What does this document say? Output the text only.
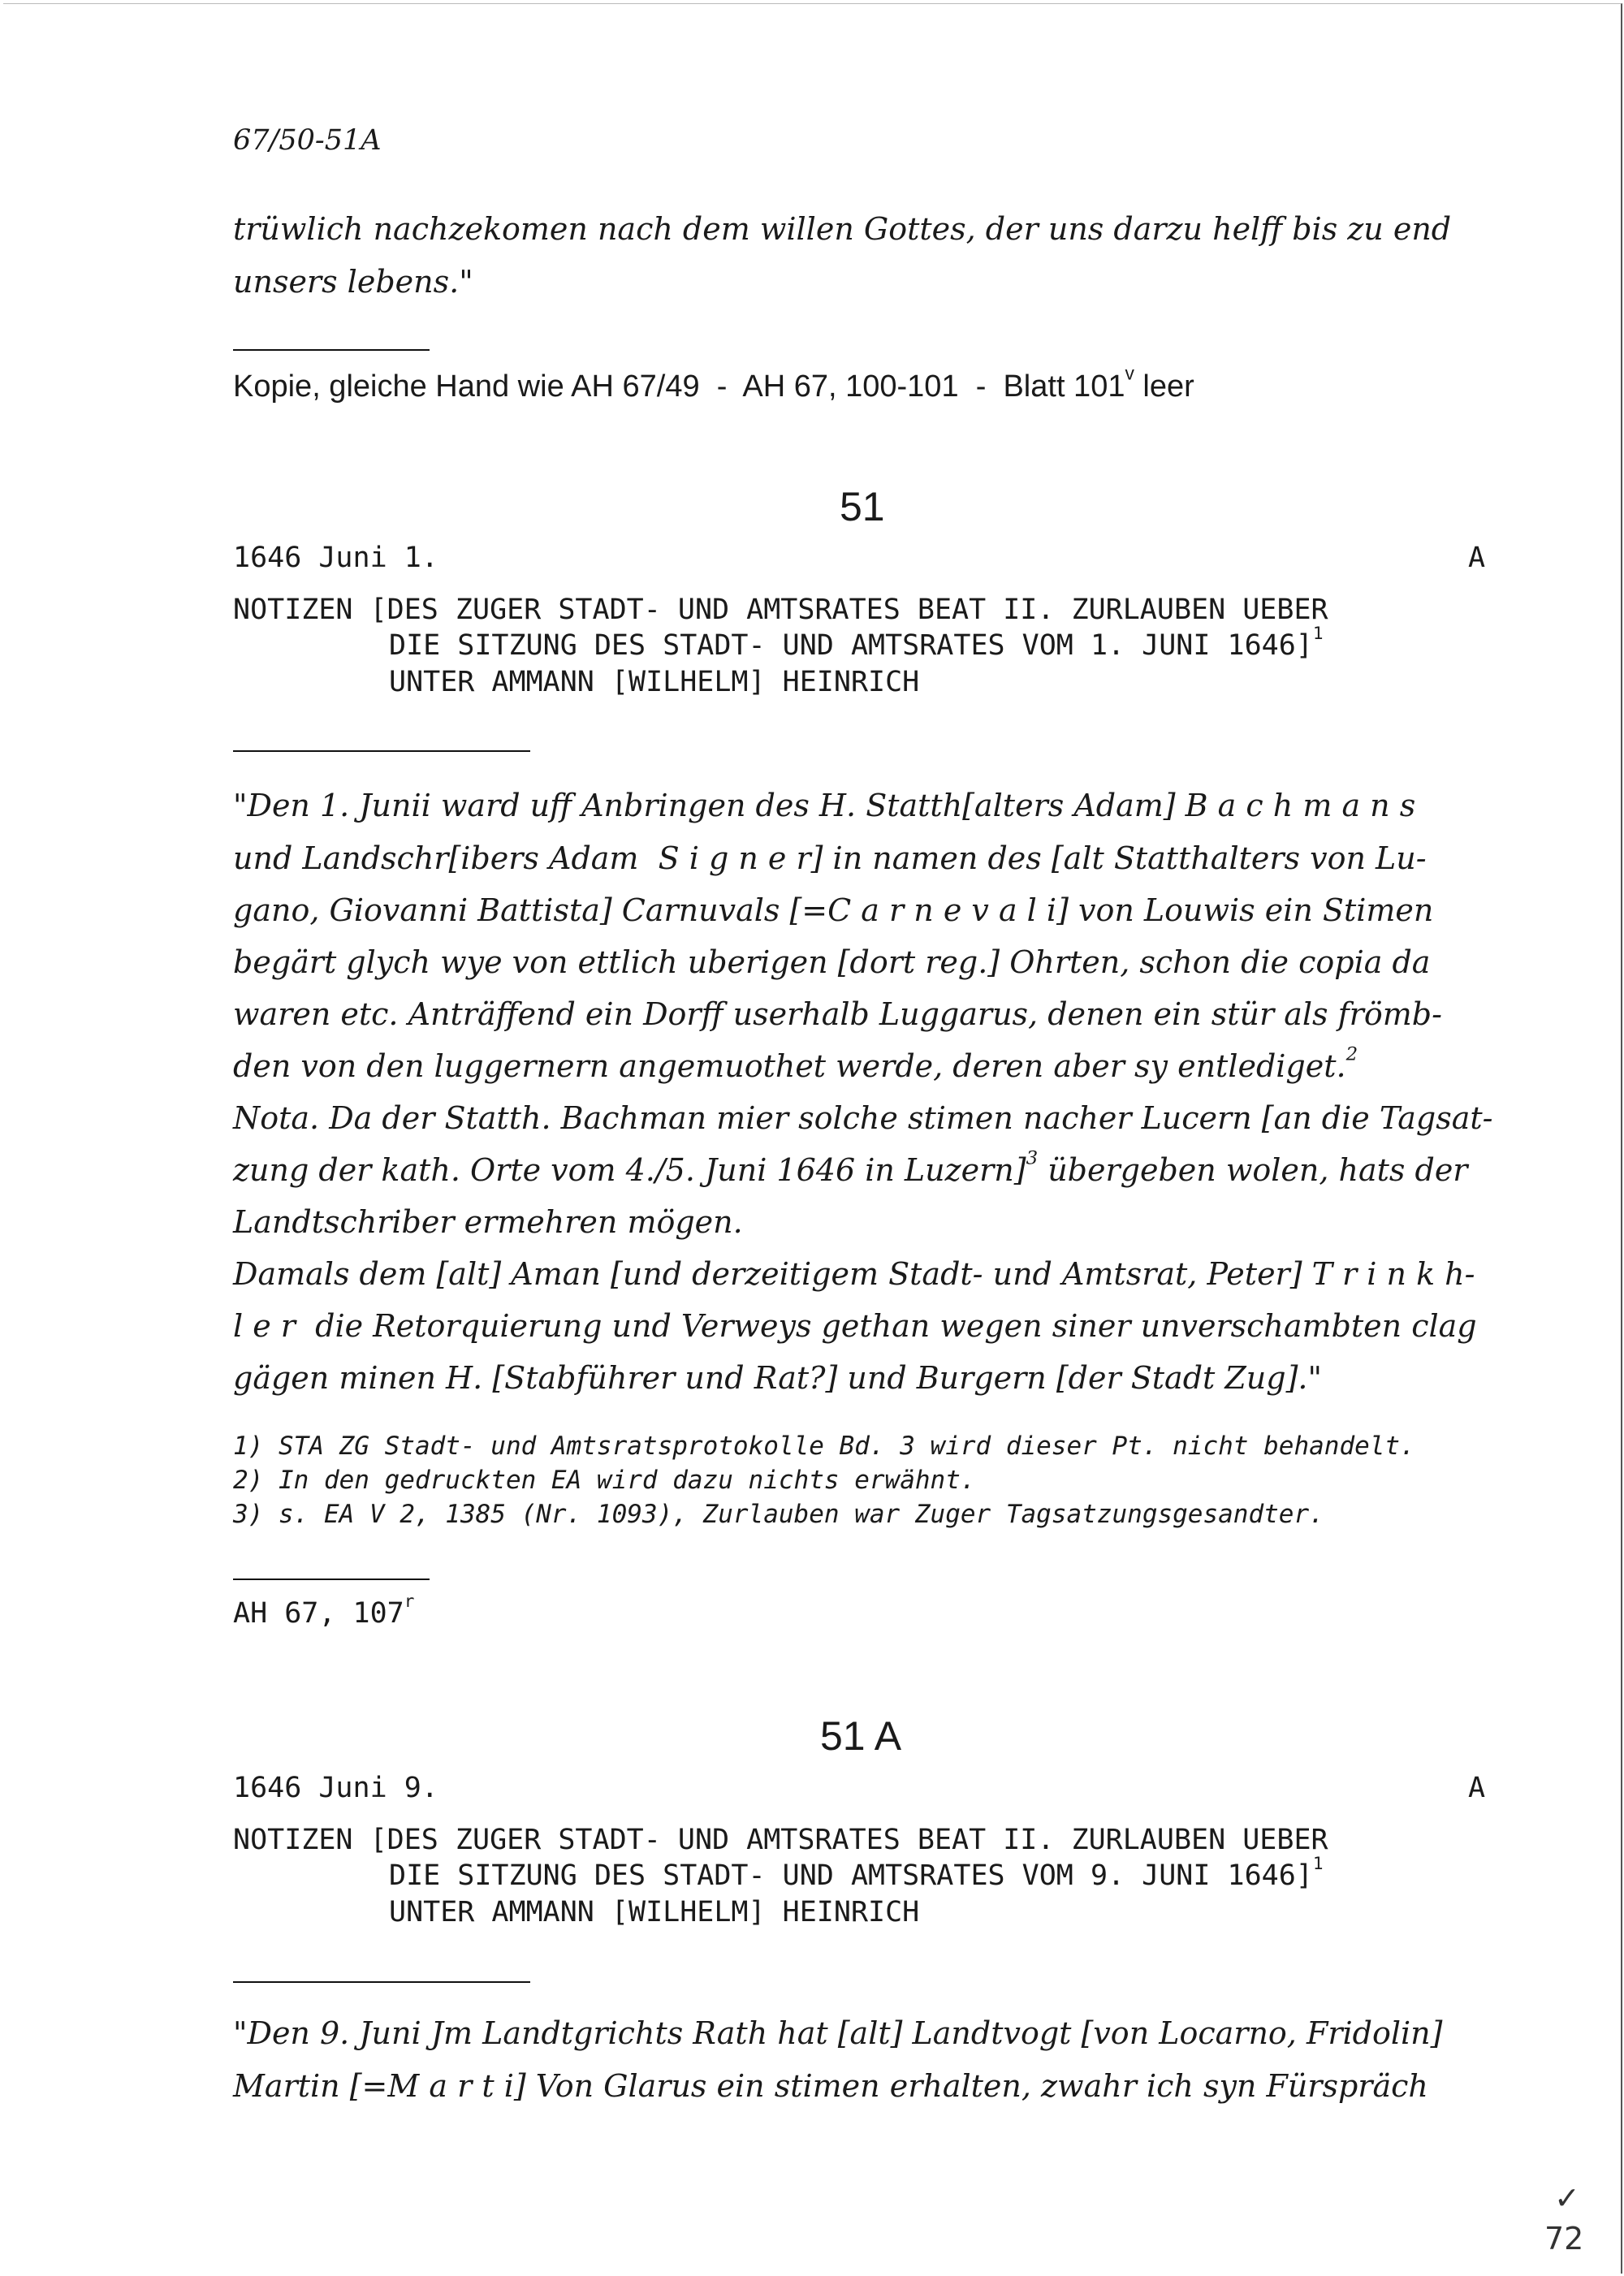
67/50-51A
trüwlich nachzekomen nach dem willen Gottes, der uns darzu helff bis zu end
unsers lebens."
Kopie, gleiche Hand wie AH 67/49  -  AH 67, 100-101  -  Blatt 101$^v$ leer
51
1646 Juni 1.	A
NOTIZEN [DES ZUGER STADT- UND AMTSRATES BEAT II. ZURLAUBEN UEBER
DIE SITZUNG DES STADT- UND AMTSRATES VOM 1. JUNI 1646]$^1$
UNTER AMMANN [WILHELM] HEINRICH
"Den 1. Junii ward uff Anbringen des H. Statth[alters Adam] B a c h m a n s
und Landschr[ibers Adam  S i g n e r] in namen des [alt Statthalters von Lu-
gano, Giovanni Battista] Carnuvals [=C a r n e v a l i] von Louwis ein Stimen
begärt glych wye von ettlich uberigen [dort reg.] Ohrten, schon die copia da
waren etc. Anträffend ein Dorff userhalb Luggarus, denen ein stür als frömb-
den von den luggernern angemuothet werde, deren aber sy entlediget.$^2$
Nota. Da der Statth. Bachman mier solche stimen nacher Lucern [an die Tagsat-
zung der kath. Orte vom 4./5. Juni 1646 in Luzern]$^3$ übergeben wolen, hats der
Landtschriber ermehren mögen.
Damals dem [alt] Aman [und derzeitigem Stadt- und Amtsrat, Peter] T r i n k h-
l e r  die Retorquierung und Verweys gethan wegen siner unverschambten clag
gägen minen H. [Stabführer und Rat?] und Burgern [der Stadt Zug]."
1) STA ZG Stadt- und Amtsratsprotokolle Bd. 3 wird dieser Pt. nicht behandelt.
2) In den gedruckten EA wird dazu nichts erwähnt.
3) s. EA V 2, 1385 (Nr. 1093), Zurlauben war Zuger Tagsatzungsgesandter.
AH 67, 107$^r$
51 A
1646 Juni 9.	A
NOTIZEN [DES ZUGER STADT- UND AMTSRATES BEAT II. ZURLAUBEN UEBER
DIE SITZUNG DES STADT- UND AMTSRATES VOM 9. JUNI 1646]$^1$
UNTER AMMANN [WILHELM] HEINRICH
"Den 9. Juni Jm Landtgrichts Rath hat [alt] Landtvogt [von Locarno, Fridolin]
Martin [=M a r t i] Von Glarus ein stimen erhalten, zwahr ich syn Fürspräch
✓
72
